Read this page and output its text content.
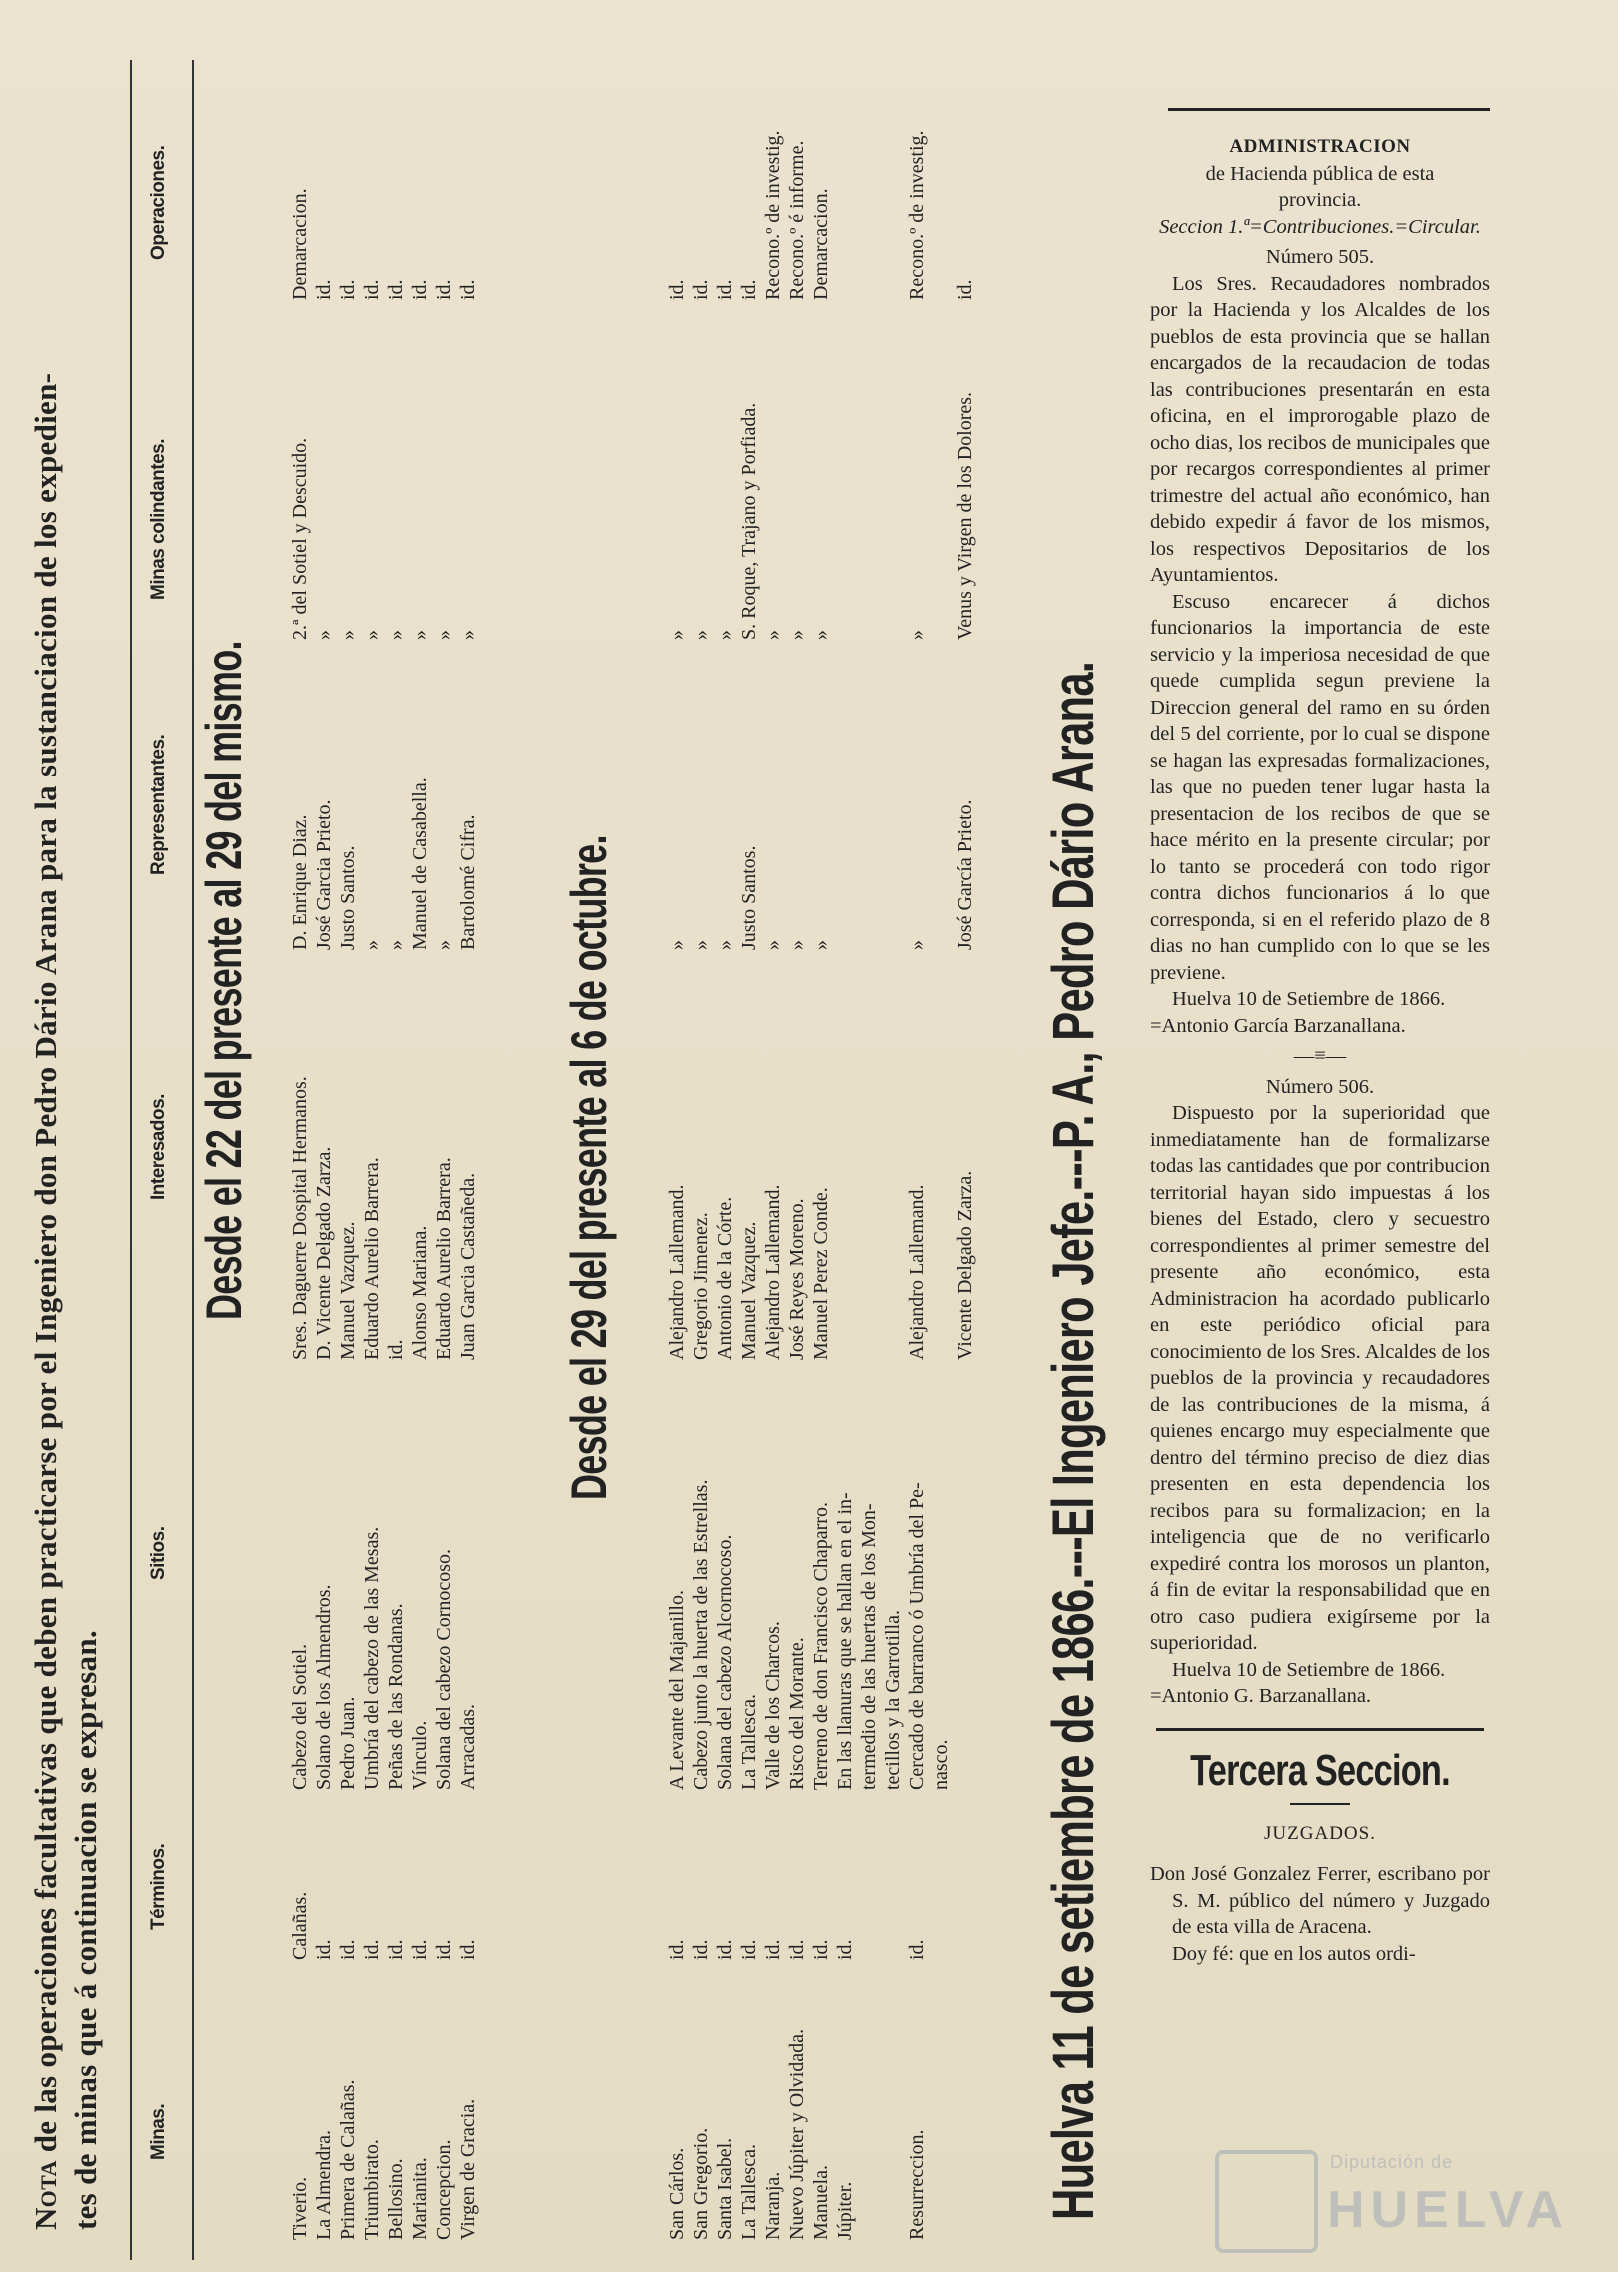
Nota de las operaciones facultativas que deben practicarse por el Ingeniero don Pedro Dário Arana para la sustanciacion de los expedien- tes de minas que á continuacion se expresan. Minas.
Términos.
Sitios.
Interesados.
Representantes.
Minas colindantes.
Operaciones.
Desde el 22 del presente al 29 del mismo.
Tiverio.
Calañas.
Cabezo del Sotiel.
Sres. Daguerre Dospital Hermanos.
D. Enrique Diaz.
2.ª del Sotiel y Descuido.
Demarcacion.
La Almendra.
id.
Solano de los Almendros.
D. Vicente Delgado Zarza.
José Garcia Prieto.
»
id.
Primera de Calañas.
id.
Pedro Juan.
Manuel Vazquez.
Justo Santos.
»
id.
Triumbirato.
id.
Umbría del cabezo de las Mesas.
Eduardo Aurelio Barrera.
»
»
id.
Bellosino.
id.
Peñas de las Rondanas.
id.
»
»
id.
Marianita.
id.
Vínculo.
Alonso Mariana.
Manuel de Casabella.
»
id.
Concepcion.
id.
Solana del cabezo Cornocoso.
Eduardo Aurelio Barrera.
»
»
id.
Virgen de Gracia.
id.
Arracadas.
Juan Garcia Castañeda.
Bartolomé Cifra.
»
id.
Desde el 29 del presente al 6 de octubre.
San Cárlos.
id.
A Levante del Majanillo.
Alejandro Lallemand.
»
»
id.
San Gregorio.
id.
Cabezo junto la huerta de las Estrellas.
Gregorio Jimenez.
»
»
id.
Santa Isabel.
id.
Solana del cabezo Alcornocoso.
Antonio de la Córte.
»
»
id.
La Tallesca.
id.
La Tallesca.
Manuel Vazquez.
Justo Santos.
S. Roque, Trajano y Porfiada.
id.
Naranja.
id.
Valle de los Charcos.
Alejandro Lallemand.
»
»
Recono.º de investig.
Nuevo Júpiter y Olvidada.
id.
Risco del Morante.
José Reyes Moreno.
»
»
Recono.º é informe.
Manuela.
id.
Terreno de don Francisco Chaparro.
Manuel Perez Conde.
»
»
Demarcacion.
Júpiter.
id.
En las llanuras que se hallan en el in- termedio de las huertas de los Mon- tecillos y la Garrotilla.
Resurreccion.
id.
Cercado de barranco ó Umbría del Pe-
Alejandro Lallemand.
»
»
Recono.º de investig.
nasco.
Vicente Delgado Zarza.
José García Prieto.
Venus y Virgen de los Dolores.
id.
Huelva 11 de setiembre de 1866.---El Ingeniero Jefe.---P. A., Pedro Dário Arana.
ADMINISTRACION
de Hacienda pública de esta
provincia.
Seccion 1.ª=Contribuciones.=Circular.
Número 505.

Los Sres. Recaudadores nombrados por la Hacienda y los Alcaldes de los pueblos de esta provincia que se hallan encargados de la recaudacion de todas las contribuciones presentarán en esta oficina, en el improrogable plazo de ocho dias, los recibos de municipales que por recargos correspondientes al primer trimestre del actual año económico, han debido expedir á favor de los mismos, los respectivos Depositarios de los Ayuntamientos.

Escuso encarecer á dichos funcionarios la importancia de este servicio y la imperiosa necesidad de que quede cumplida segun previene la Direccion general del ramo en su órden del 5 del corriente, por lo cual se dispone se hagan las expresadas formalizaciones, las que no pueden tener lugar hasta la presentacion de los recibos de que se hace mérito en la presente circular; por lo tanto se procederá con todo rigor contra dichos funcionarios á lo que corresponda, si en el referido plazo de 8 dias no han cumplido con lo que se les previene.

Huelva 10 de Setiembre de 1866.

=Antonio García Barzanallana.
—≡—
Número 506.

Dispuesto por la superioridad que inmediatamente han de formalizarse todas las cantidades que por contribucion territorial hayan sido impuestas á los bienes del Estado, clero y secuestro correspondientes al primer semestre del presente año económico, esta Administracion ha acordado publicarlo en este periódico oficial para conocimiento de los Sres. Alcaldes de los pueblos de la provincia y recaudadores de las contribuciones de la misma, á quienes encargo muy especialmente que dentro del término preciso de diez dias presenten en esta dependencia los recibos para su formalizacion; en la inteligencia que de no verificarlo expediré contra los morosos un planton, á fin de evitar la responsabilidad que en otro caso pudiera exigírseme por la superioridad.

Huelva 10 de Setiembre de 1866.

=Antonio G. Barzanallana.
Tercera Seccion.
JUZGADOS.

Don José Gonzalez Ferrer, escribano por S. M. público del número y Juzgado de esta villa de Aracena.

Doy fé: que en los autos ordi-

Diputación de
HUELVA
